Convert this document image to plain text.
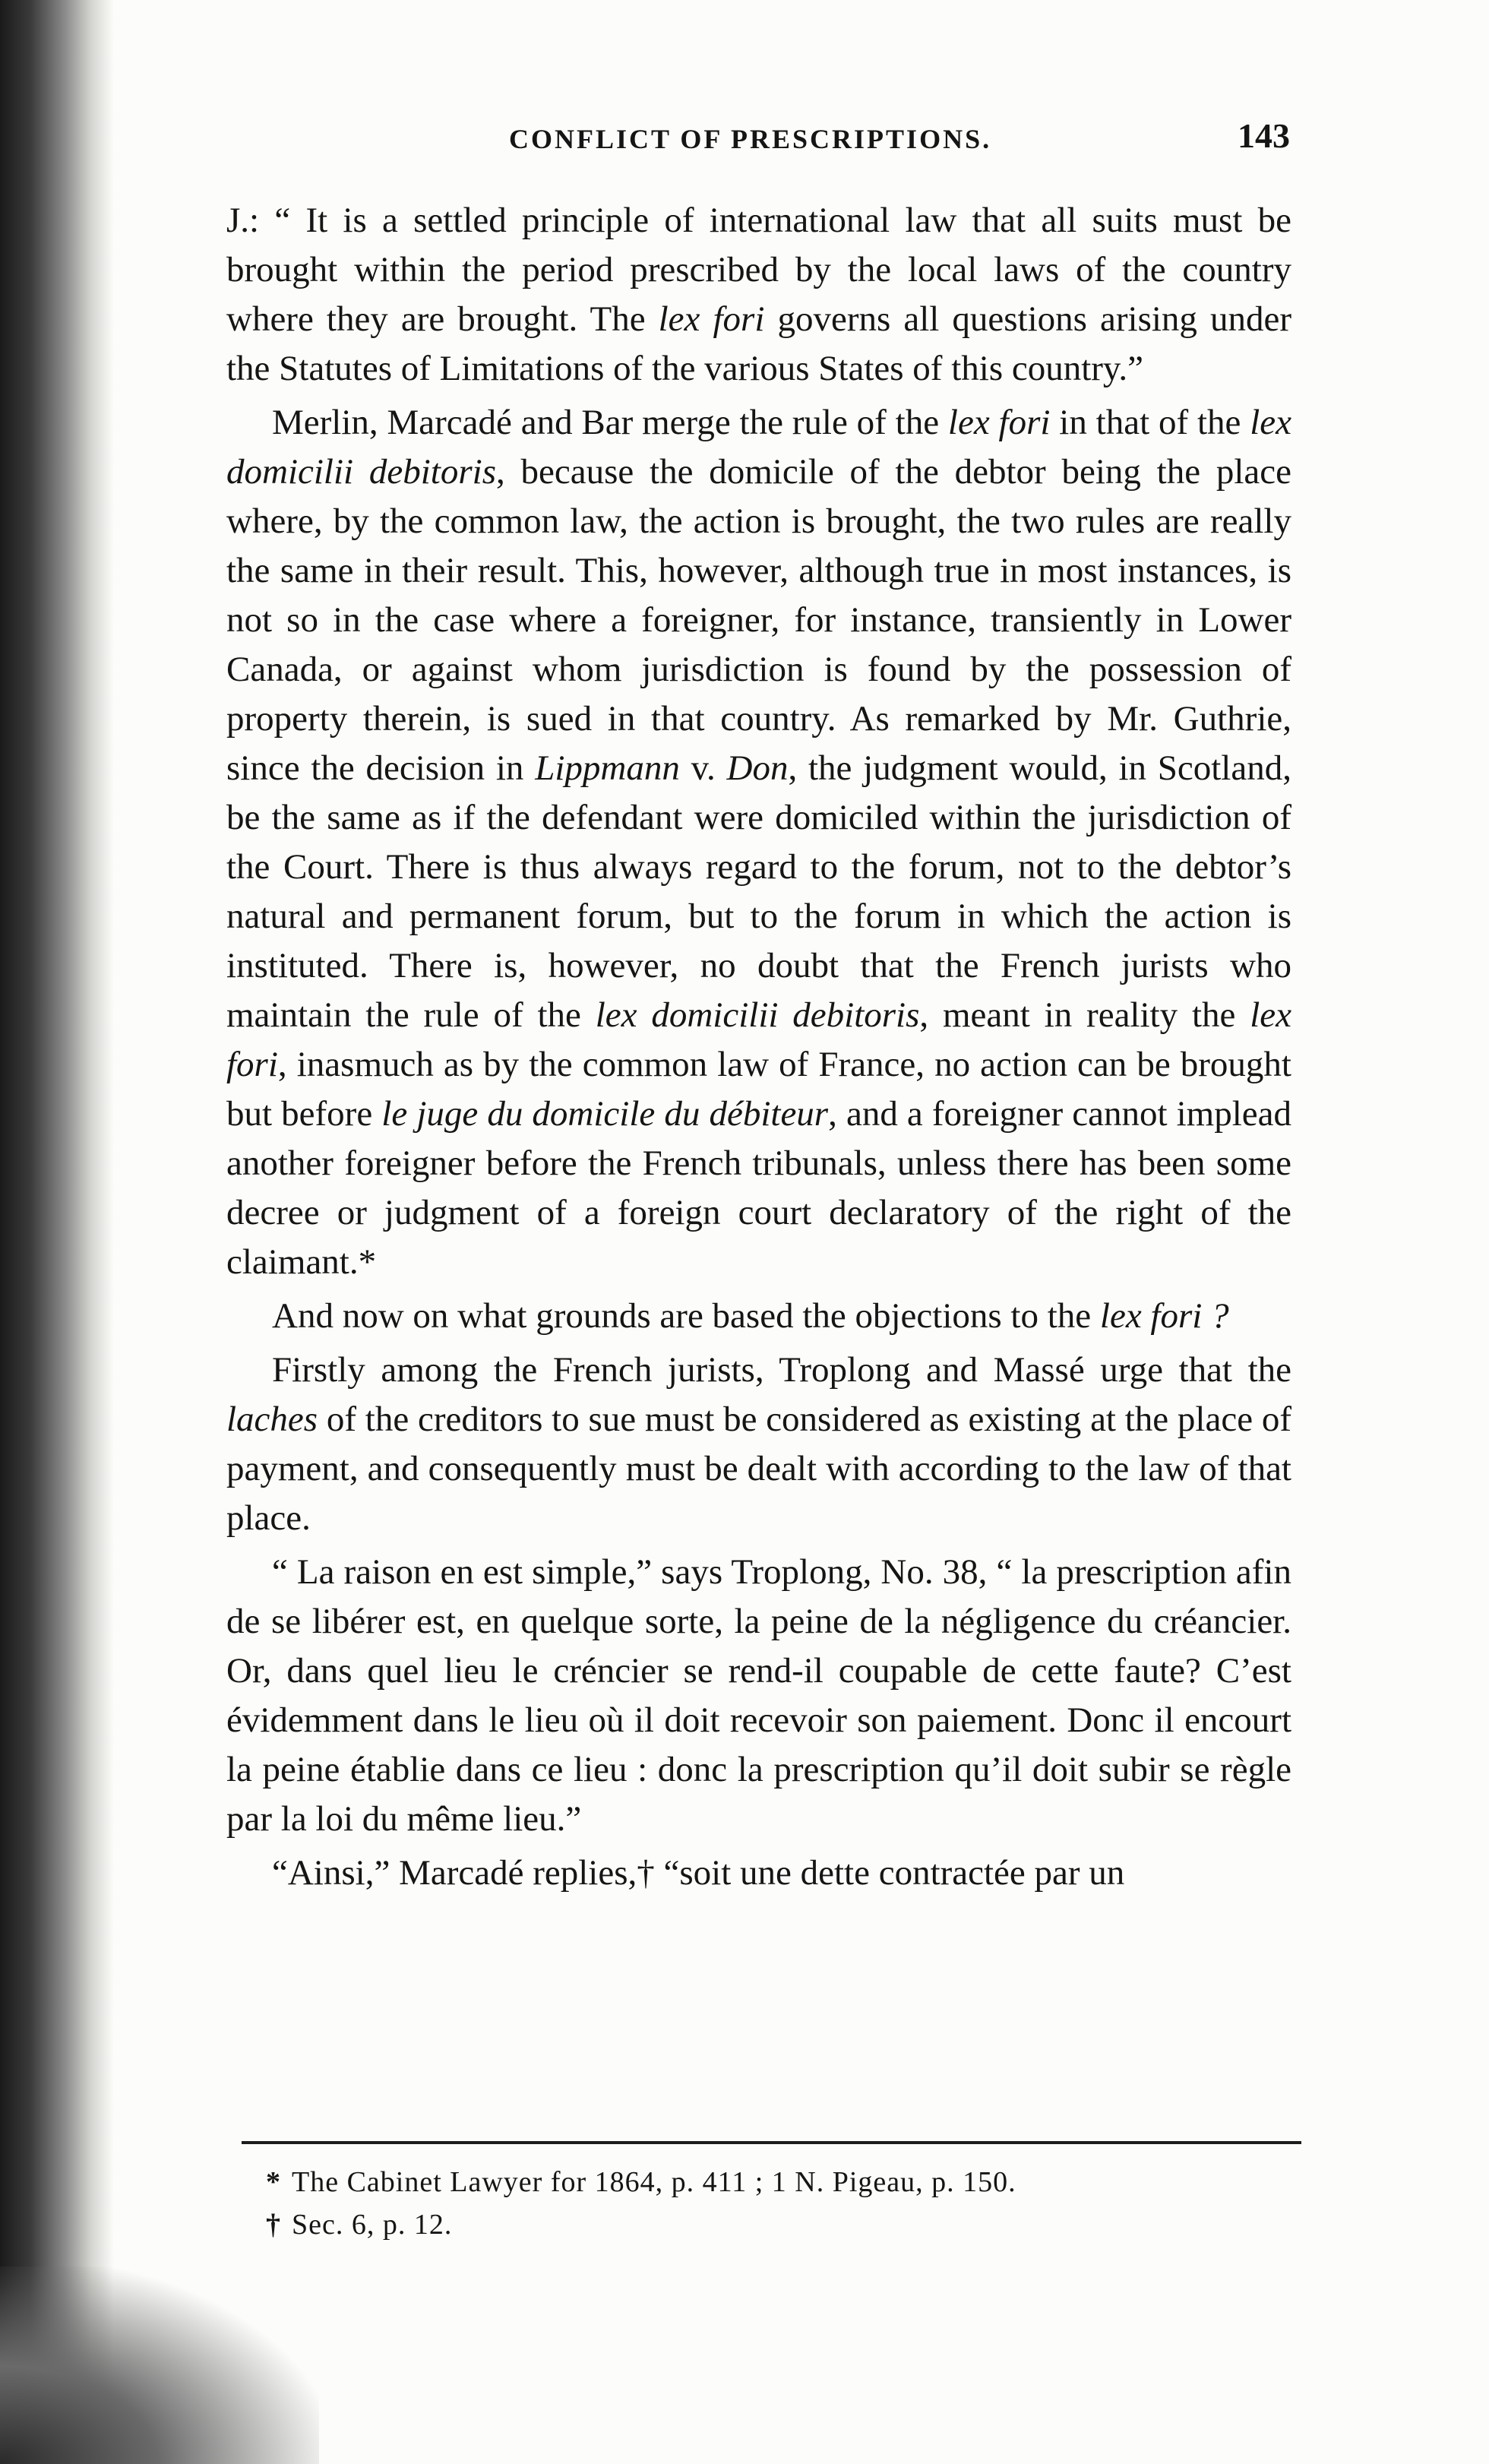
CONFLICT OF PRESCRIPTIONS.	143

J.: “ It is a settled principle of international law that all suits must be brought within the period prescribed by the local laws of the country where they are brought. The lex fori governs all questions arising under the Statutes of Limitations of the various States of this country.”

Merlin, Marcadé and Bar merge the rule of the lex fori in that of the lex domicilii debitoris, because the domicile of the debtor being the place where, by the common law, the action is brought, the two rules are really the same in their result. This, however, although true in most instances, is not so in the case where a foreigner, for instance, transiently in Lower Canada, or against whom jurisdiction is found by the possession of property therein, is sued in that country. As remarked by Mr. Guthrie, since the decision in Lippmann v. Don, the judgment would, in Scotland, be the same as if the defendant were domiciled within the jurisdiction of the Court. There is thus always regard to the forum, not to the debtor’s natural and permanent forum, but to the forum in which the action is instituted. There is, however, no doubt that the French jurists who maintain the rule of the lex domicilii debitoris, meant in reality the lex fori, inasmuch as by the common law of France, no action can be brought but before le juge du domicile du débiteur, and a foreigner cannot implead another foreigner before the French tribunals, unless there has been some decree or judgment of a foreign court declaratory of the right of the claimant.*

And now on what grounds are based the objections to the lex fori ?

Firstly among the French jurists, Troplong and Massé urge that the laches of the creditors to sue must be considered as existing at the place of payment, and consequently must be dealt with according to the law of that place.

“ La raison en est simple,” says Troplong, No. 38, “ la prescription afin de se libérer est, en quelque sorte, la peine de la négligence du créancier. Or, dans quel lieu le créncier se rend-il coupable de cette faute? C’est évidemment dans le lieu où il doit recevoir son paiement. Donc il encourt la peine établie dans ce lieu : donc la prescription qu’il doit subir se règle par la loi du même lieu.”

“Ainsi,” Marcadé replies,† “soit une dette contractée par un

* The Cabinet Lawyer for 1864, p. 411 ; 1 N. Pigeau, p. 150.

† Sec. 6, p. 12.
